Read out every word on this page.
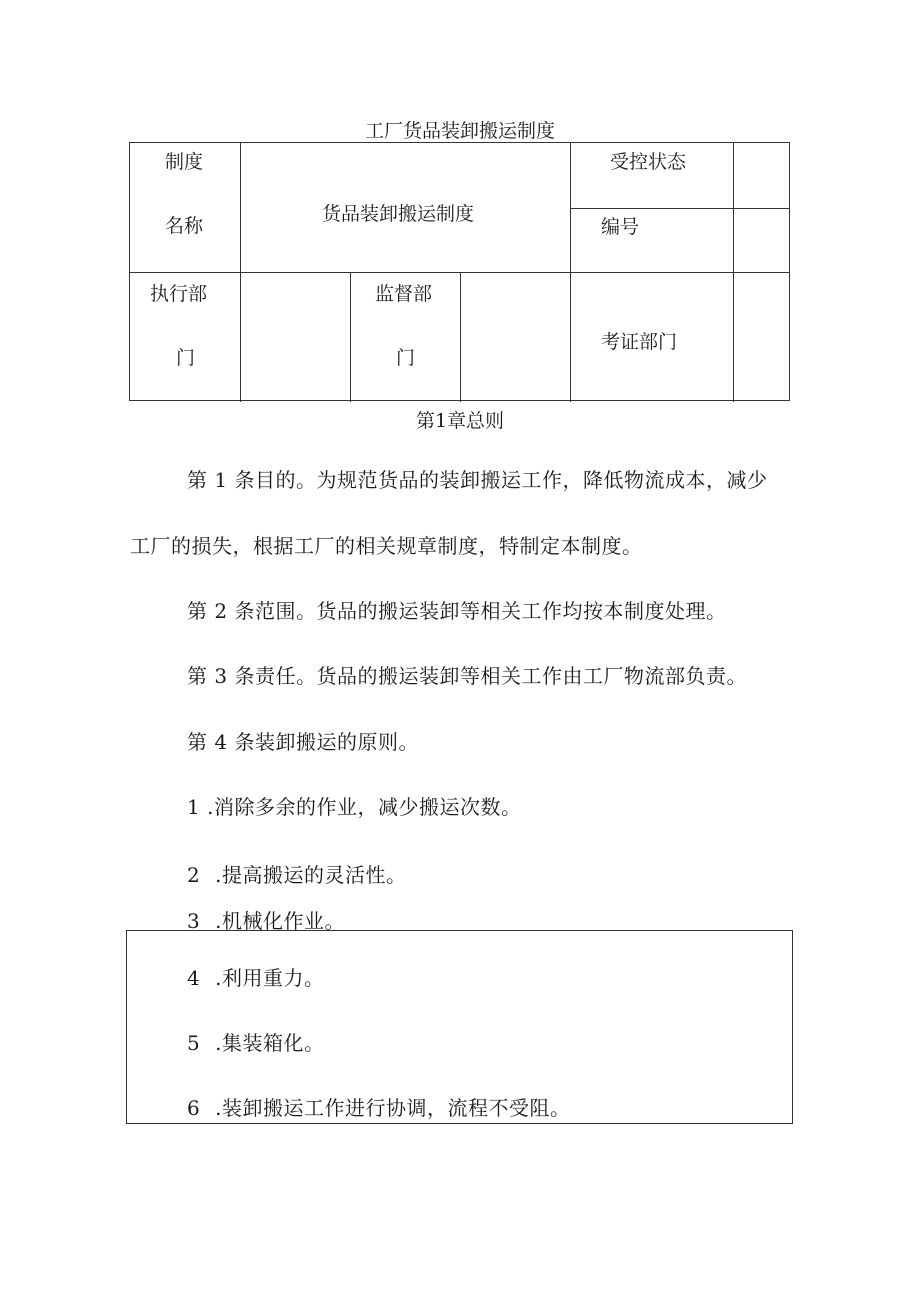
工厂货品装卸搬运制度
制度
名称
货品装卸搬运制度
受控状态
编号
执行部
门
监督部
门
考证部门
第1章总则
第 1 条目的。为规范货品的装卸搬运工作，降低物流成本，减少
工厂的损失，根据工厂的相关规章制度，特制定本制度。
第 2 条范围。货品的搬运装卸等相关工作均按本制度处理。
第 3 条责任。货品的搬运装卸等相关工作由工厂物流部负责。
第 4 条装卸搬运的原则。
1 .消除多余的作业，减少搬运次数。
2 .提高搬运的灵活性。
3 .机械化作业。
4 .利用重力。
5 .集装箱化。
6 .装卸搬运工作进行协调，流程不受阻。
